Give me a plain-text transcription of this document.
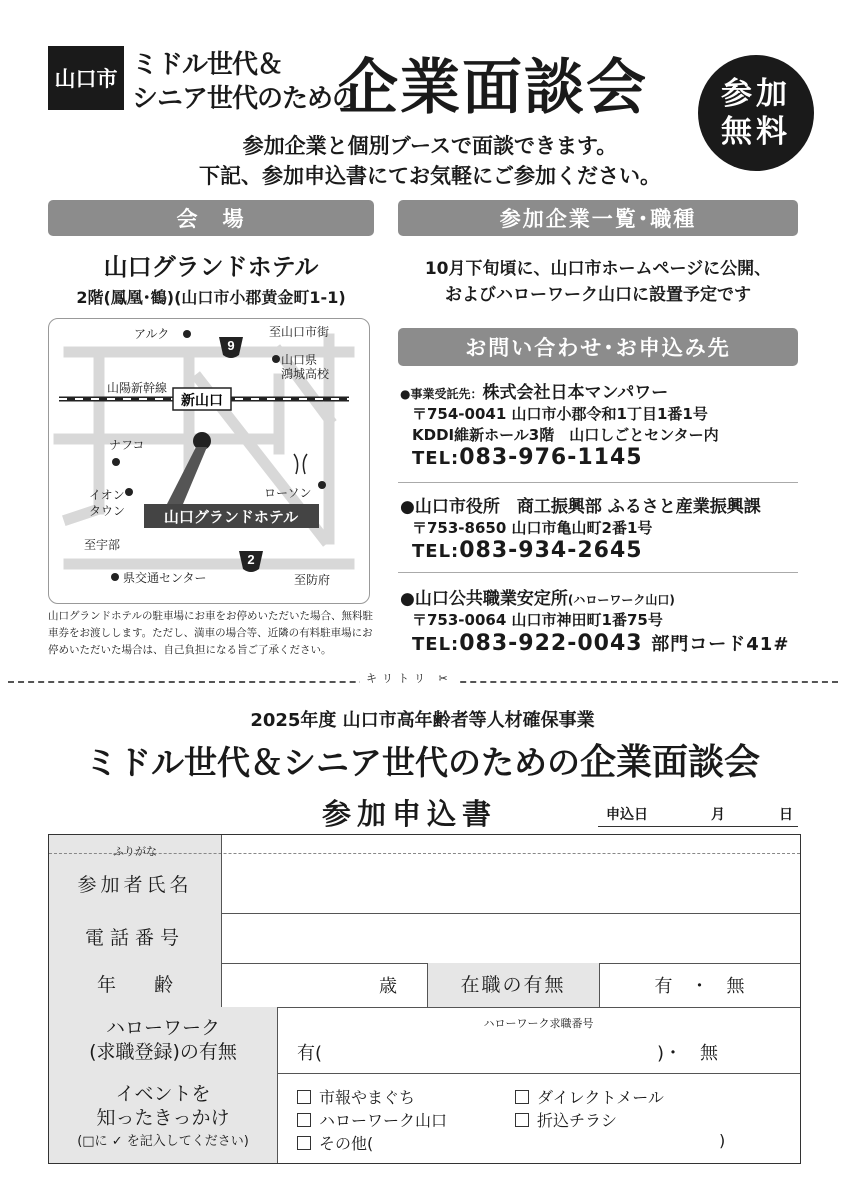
山口市 ミドル世代＆
シニア世代のための
企業面談会	参加
無料
参加企業と個別ブースで面談できます。
下記、参加申込書にてお気軽にご参加ください。
会　場
山口グランドホテル
2階(鳳凰･鶴)(山口市小郡黄金町1-1)
新山口
9
2
アルク	至山口市街
山口県
鴻城高校
山陽新幹線
ナフコ
イオン
タウン
ローソン
至宇部
県交通センター	至防府
山口グランドホテル
山口グランドホテルの駐車場にお車をお停めいただいた場合、無料駐車券をお渡しします。ただし、満車の場合等、近隣の有料駐車場にお停めいただいた場合は、自己負担になる旨ご了承ください。
参加企業一覧･職種
10月下旬頃に、山口市ホームページに公開、
およびハローワーク山口に設置予定です
お問い合わせ･お申込み先
●事業受託先：株式会社日本マンパワー
〒754-0041 山口市小郡令和1丁目1番1号
KDDI維新ホール3階　山口しごとセンター内
TEL:083-976-1145
●山口市役所　商工振興部 ふるさと産業振興課
〒753-8650 山口市亀山町2番1号
TEL:083-934-2645
●山口公共職業安定所(ハローワーク山口)
〒753-0064 山口市神田町1番75号
TEL:083-922-0043 部門コード41#
キリトリ ✂
2025年度 山口市高年齢者等人材確保事業
ミドル世代＆シニア世代のための企業面談会
参加申込書	申込日	月	日
ふりがな
参加者氏名
電話番号
年　　齢	歳	在職の有無	有　・　無
ハローワーク
(求職登録)の有無
ハローワーク求職番号
有(	)・　無
イベントを
知ったきっかけ
(□に ✓ を記入してください)
市報やまぐち	ダイレクトメール
ハローワーク山口	折込チラシ
その他(	)
